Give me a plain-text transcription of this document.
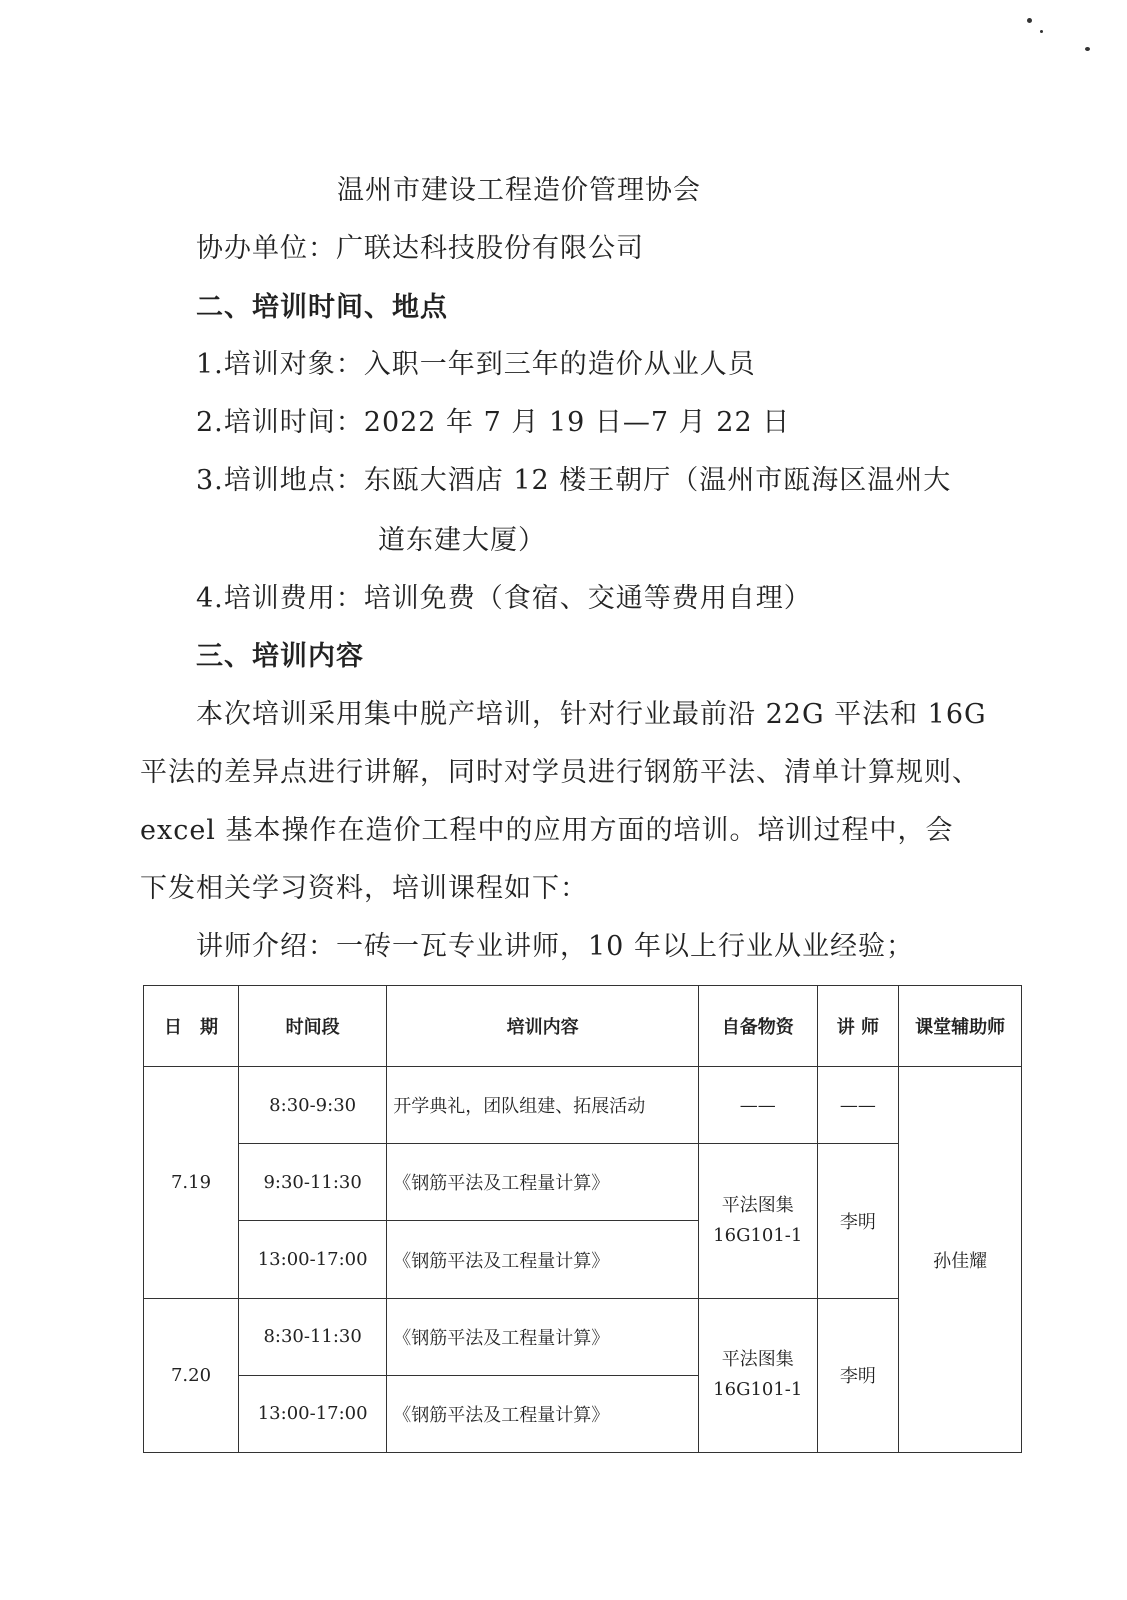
温州市建设工程造价管理协会
协办单位：广联达科技股份有限公司
二、培训时间、地点
1.培训对象：入职一年到三年的造价从业人员
2.培训时间：2022 年 7 月 19 日—7 月 22 日
3.培训地点：东瓯大酒店 12 楼王朝厅（温州市瓯海区温州大
道东建大厦）
4.培训费用：培训免费（食宿、交通等费用自理）
三、培训内容
本次培训采用集中脱产培训，针对行业最前沿 22G 平法和 16G
平法的差异点进行讲解，同时对学员进行钢筋平法、清单计算规则、
excel 基本操作在造价工程中的应用方面的培训。培训过程中，会
下发相关学习资料，培训课程如下：
讲师介绍：一砖一瓦专业讲师，10 年以上行业从业经验；
日　期	时间段	培训内容	自备物资	讲 师	课堂辅助师
7.19	8:30-9:30	开学典礼，团队组建、拓展活动	——	——	孙佳耀
	9:30-11:30	《钢筋平法及工程量计算》	平法图集
16G101-1	李明	
	13:00-17:00	《钢筋平法及工程量计算》			
7.20	8:30-11:30	《钢筋平法及工程量计算》	平法图集
16G101-1	李明	
	13:00-17:00	《钢筋平法及工程量计算》			
